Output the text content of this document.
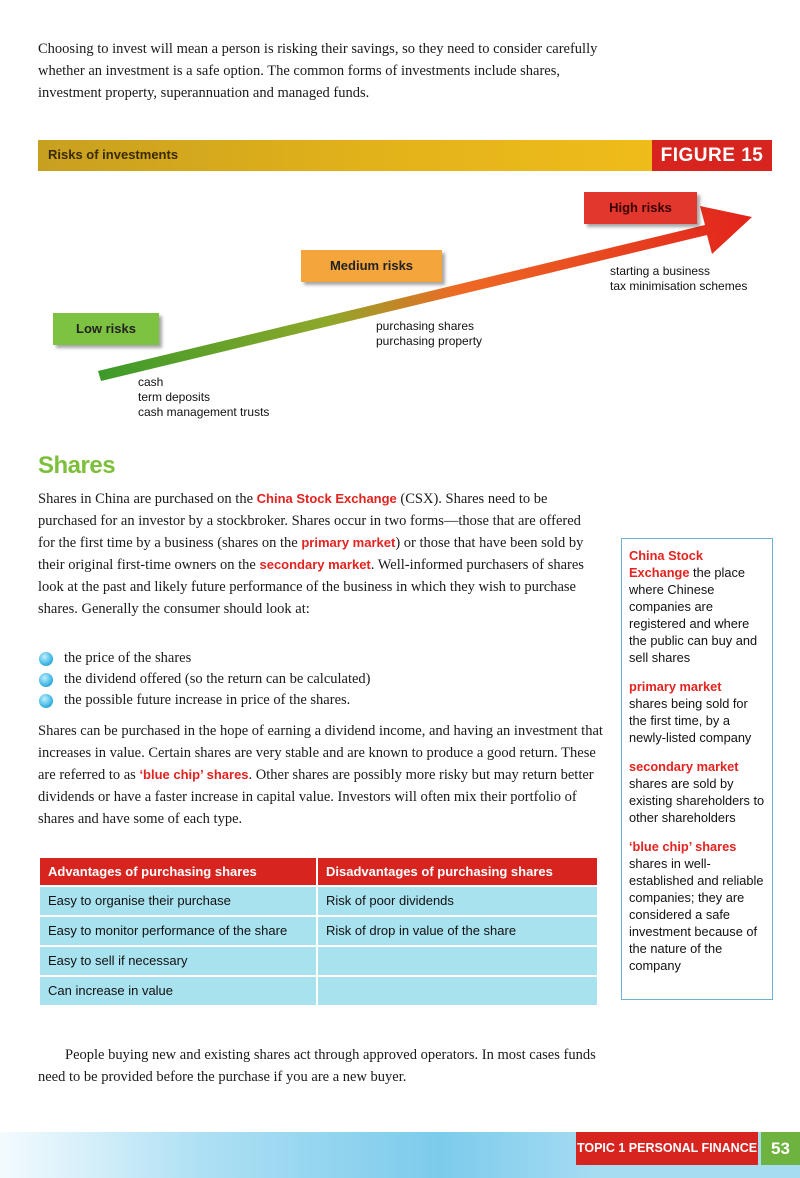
Choosing to invest will mean a person is risking their savings, so they need to consider carefully whether an investment is a safe option. The common forms of investments include shares, investment property, superannuation and managed funds.

Risks of investments	FIGURE 15
Low risks
Medium risks
High risks
cash
term deposits
cash management trusts
purchasing shares
purchasing property
starting a business
tax minimisation schemes
Shares

Shares in China are purchased on the China Stock Exchange (CSX). Shares need to be purchased for an investor by a stockbroker. Shares occur in two forms—those that are offered for the first time by a business (shares on the primary market) or those that have been sold by their original first-time owners on the secondary market. Well-informed purchasers of shares look at the past and likely future performance of the business in which they wish to purchase shares. Generally the consumer should look at:

the price of the shares
the dividend offered (so the return can be calculated)
the possible future increase in price of the shares.

Shares can be purchased in the hope of earning a dividend income, and having an investment that increases in value. Certain shares are very stable and are known to produce a good return. These are referred to as ‘blue chip’ shares. Other shares are possibly more risky but may return better dividends or have a faster increase in capital value. Investors will often mix their portfolio of shares and have some of each type.

China Stock Exchange the place where Chinese companies are registered and where the public can buy and sell shares
primary market
shares being sold for the first time, by a newly-listed company
secondary market
shares are sold by existing shareholders to other shareholders
‘blue chip’ shares
shares in well-established and reliable companies; they are considered a safe investment because of the nature of the company
Advantages of purchasing shares	Disadvantages of purchasing shares
Easy to organise their purchase	Risk of poor dividends
Easy to monitor performance of the share	Risk of drop in value of the share
Easy to sell if necessary	
Can increase in value	

People buying new and existing shares act through approved operators. In most cases funds need to be provided before the purchase if you are a new buyer.

TOPIC 1 PERSONAL FINANCE 53
